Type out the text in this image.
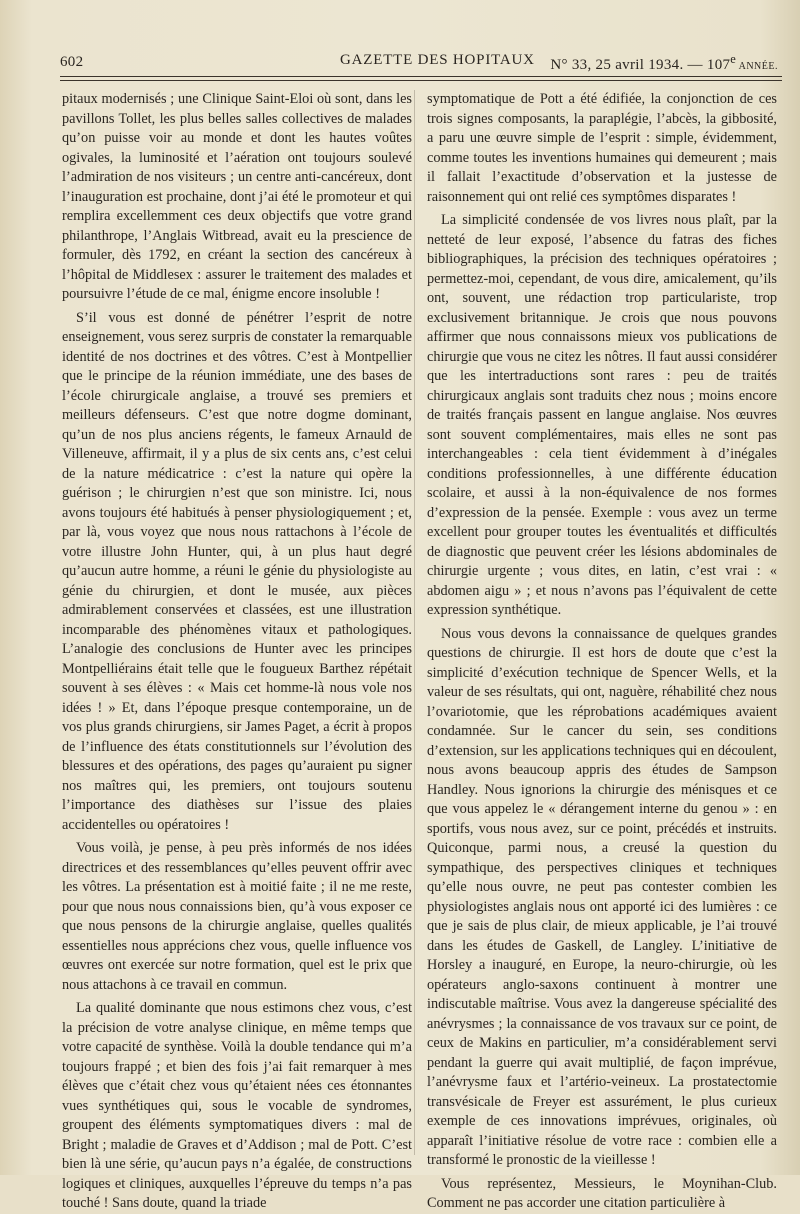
602	GAZETTE DES HOPITAUX N° 33, 25 avril 1934. — 107e ANNÉE.

pitaux modernisés ; une Clinique Saint-Eloi où sont, dans les pavillons Tollet, les plus belles salles collectives de malades qu’on puisse voir au monde et dont les hautes voûtes ogivales, la luminosité et l’aération ont toujours soulevé l’admiration de nos visiteurs ; un centre anti-cancéreux, dont l’inauguration est prochaine, dont j’ai été le promoteur et qui remplira excellemment ces deux objectifs que votre grand philanthrope, l’Anglais Witbread, avait eu la prescience de formuler, dès 1792, en créant la section des cancéreux à l’hôpital de Middlesex : assurer le traitement des malades et poursuivre l’étude de ce mal, énigme encore insoluble !

S’il vous est donné de pénétrer l’esprit de notre enseignement, vous serez surpris de constater la remarquable identité de nos doctrines et des vôtres. C’est à Montpellier que le principe de la réunion immédiate, une des bases de l’école chirurgicale anglaise, a trouvé ses premiers et meilleurs défenseurs. C’est que notre dogme dominant, qu’un de nos plus anciens régents, le fameux Arnauld de Villeneuve, affirmait, il y a plus de six cents ans, c’est celui de la nature médicatrice : c’est la nature qui opère la guérison ; le chirurgien n’est que son ministre. Ici, nous avons toujours été habitués à penser physiologiquement ; et, par là, vous voyez que nous nous rattachons à l’école de votre illustre John Hunter, qui, à un plus haut degré qu’aucun autre homme, a réuni le génie du physiologiste au génie du chirurgien, et dont le musée, aux pièces admirablement conservées et classées, est une illustration incomparable des phénomènes vitaux et pathologiques. L’analogie des conclusions de Hunter avec les principes Montpelliérains était telle que le fougueux Barthez répétait souvent à ses élèves : « Mais cet homme-là nous vole nos idées ! » Et, dans l’époque presque contemporaine, un de vos plus grands chirurgiens, sir James Paget, a écrit à propos de l’influence des états constitutionnels sur l’évolution des blessures et des opérations, des pages qu’auraient pu signer nos maîtres qui, les premiers, ont toujours soutenu l’importance des diathèses sur l’issue des plaies accidentelles ou opératoires !

Vous voilà, je pense, à peu près informés de nos idées directrices et des ressemblances qu’elles peuvent offrir avec les vôtres. La présentation est à moitié faite ; il ne me reste, pour que nous nous connaissions bien, qu’à vous exposer ce que nous pensons de la chirurgie anglaise, quelles qualités essentielles nous apprécions chez vous, quelle influence vos œuvres ont exercée sur notre formation, quel est le prix que nous attachons à ce travail en commun.

La qualité dominante que nous estimons chez vous, c’est la précision de votre analyse clinique, en même temps que votre capacité de synthèse. Voilà la double tendance qui m’a toujours frappé ; et bien des fois j’ai fait remarquer à mes élèves que c’était chez vous qu’étaient nées ces étonnantes vues synthétiques qui, sous le vocable de syndromes, groupent des éléments symptomatiques divers : mal de Bright ; maladie de Graves et d’Addison ; mal de Pott. C’est bien là une série, qu’aucun pays n’a égalée, de constructions logiques et cliniques, auxquelles l’épreuve du temps n’a pas touché ! Sans doute, quand la triade

symptomatique de Pott a été édifiée, la conjonction de ces trois signes composants, la paraplégie, l’abcès, la gibbosité, a paru une œuvre simple de l’esprit : simple, évidemment, comme toutes les inventions humaines qui demeurent ; mais il fallait l’exactitude d’observation et la justesse de raisonnement qui ont relié ces symptômes disparates !

La simplicité condensée de vos livres nous plaît, par la netteté de leur exposé, l’absence du fatras des fiches bibliographiques, la précision des techniques opératoires ; permettez-moi, cependant, de vous dire, amicalement, qu’ils ont, souvent, une rédaction trop particulariste, trop exclusivement britannique. Je crois que nous pouvons affirmer que nous connaissons mieux vos publications de chirurgie que vous ne citez les nôtres. Il faut aussi considérer que les intertraductions sont rares : peu de traités chirurgicaux anglais sont traduits chez nous ; moins encore de traités français passent en langue anglaise. Nos œuvres sont souvent complémentaires, mais elles ne sont pas interchangeables : cela tient évidemment à d’inégales conditions professionnelles, à une différente éducation scolaire, et aussi à la non-équivalence de nos formes d’expression de la pensée. Exemple : vous avez un terme excellent pour grouper toutes les éventualités et difficultés de diagnostic que peuvent créer les lésions abdominales de chirurgie urgente ; vous dites, en latin, c’est vrai : « abdomen aigu » ; et nous n’avons pas l’équivalent de cette expression synthétique.

Nous vous devons la connaissance de quelques grandes questions de chirurgie. Il est hors de doute que c’est la simplicité d’exécution technique de Spencer Wells, et la valeur de ses résultats, qui ont, naguère, réhabilité chez nous l’ovariotomie, que les réprobations académiques avaient condamnée. Sur le cancer du sein, ses conditions d’extension, sur les applications techniques qui en découlent, nous avons beaucoup appris des études de Sampson Handley. Nous ignorions la chirurgie des ménisques et ce que vous appelez le « dérangement interne du genou » : en sportifs, vous nous avez, sur ce point, précédés et instruits. Quiconque, parmi nous, a creusé la question du sympathique, des perspectives cliniques et techniques qu’elle nous ouvre, ne peut pas contester combien les physiologistes anglais nous ont apporté ici des lumières : ce que je sais de plus clair, de mieux applicable, je l’ai trouvé dans les études de Gaskell, de Langley. L’initiative de Horsley a inauguré, en Europe, la neuro-chirurgie, où les opérateurs anglo-saxons continuent à montrer une indiscutable maîtrise. Vous avez la dangereuse spécialité des anévrysmes ; la connaissance de vos travaux sur ce point, de ceux de Makins en particulier, m’a considérablement servi pendant la guerre qui avait multiplié, de façon imprévue, l’anévrysme faux et l’artério-veineux. La prostatectomie transvésicale de Freyer est assurément, le plus curieux exemple de ces innovations imprévues, originales, où apparaît l’initiative résolue de votre race : combien elle a transformé le pronostic de la vieillesse !

Vous représentez, Messieurs, le Moynihan-Club. Comment ne pas accorder une citation particulière à
